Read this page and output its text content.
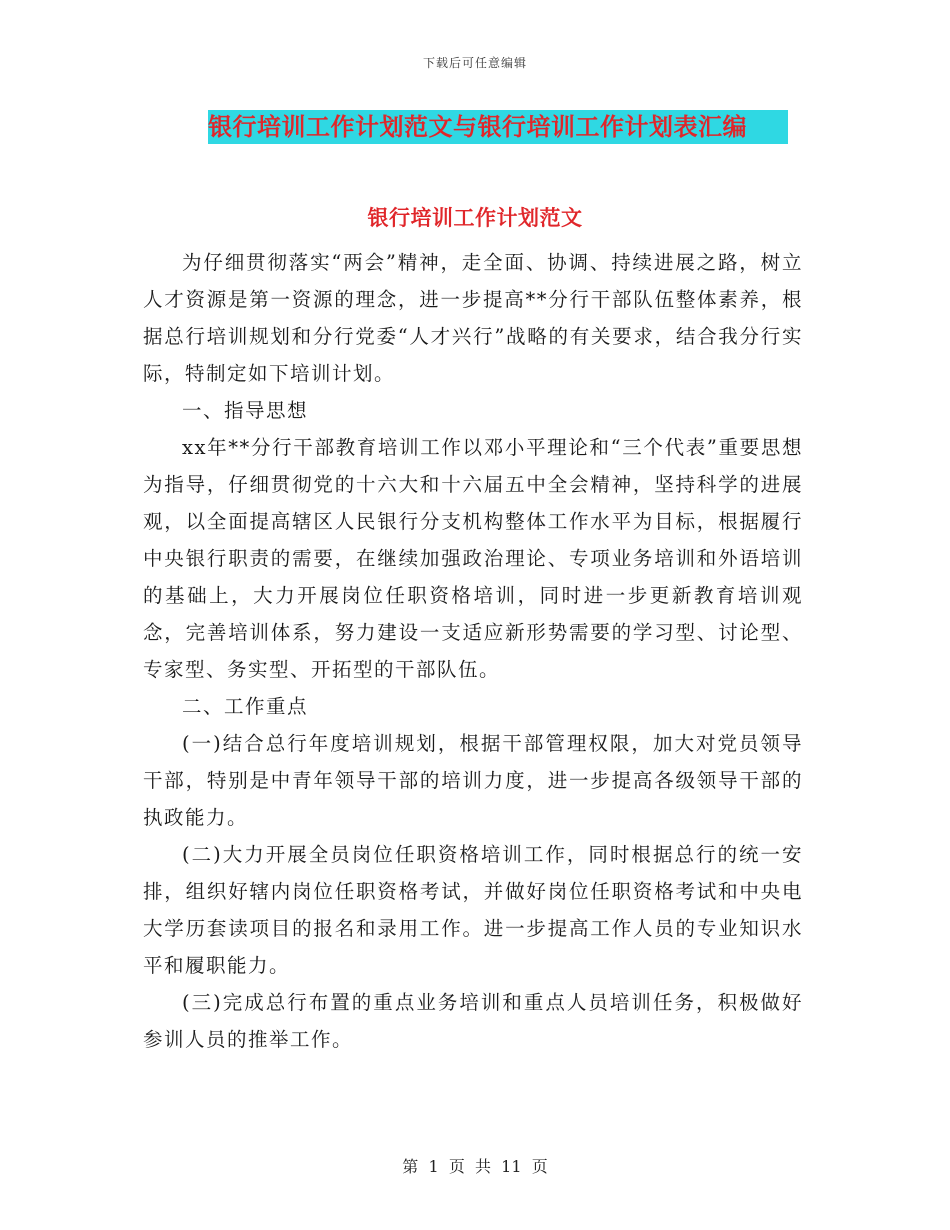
下载后可任意编辑
银行培训工作计划范文与银行培训工作计划表汇编
银行培训工作计划范文

为仔细贯彻落实“两会”精神，走全面、协调、持续进展之路，树立人才资源是第一资源的理念，进一步提高**分行干部队伍整体素养，根据总行培训规划和分行党委“人才兴行”战略的有关要求，结合我分行实际，特制定如下培训计划。

一、指导思想

xx年**分行干部教育培训工作以邓小平理论和“三个代表”重要思想为指导，仔细贯彻党的十六大和十六届五中全会精神，坚持科学的进展观，以全面提高辖区人民银行分支机构整体工作水平为目标，根据履行中央银行职责的需要，在继续加强政治理论、专项业务培训和外语培训的基础上，大力开展岗位任职资格培训，同时进一步更新教育培训观念，完善培训体系，努力建设一支适应新形势需要的学习型、讨论型、专家型、务实型、开拓型的干部队伍。

二、工作重点

(一)结合总行年度培训规划，根据干部管理权限，加大对党员领导干部，特别是中青年领导干部的培训力度，进一步提高各级领导干部的执政能力。

(二)大力开展全员岗位任职资格培训工作，同时根据总行的统一安排，组织好辖内岗位任职资格考试，并做好岗位任职资格考试和中央电大学历套读项目的报名和录用工作。进一步提高工作人员的专业知识水平和履职能力。

(三)完成总行布置的重点业务培训和重点人员培训任务，积极做好参训人员的推举工作。

第  1  页  共  11  页
